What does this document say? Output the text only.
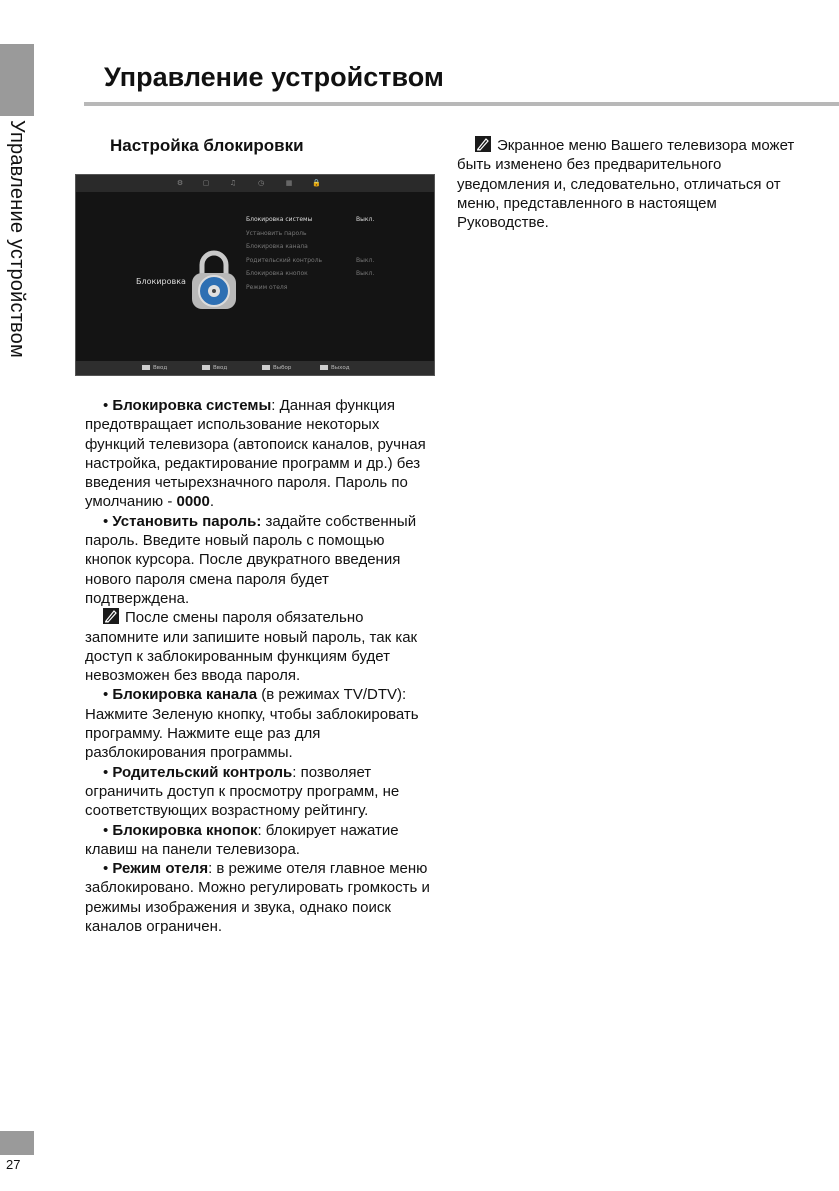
Управление устройством
Управление устройством
Настройка блокировки
⚙	▢	♫	◷	▦	🔒
Блокировка
Блокировка системы	Выкл.
Установить пароль
Блокировка канала
Родительский контроль	Выкл.
Блокировка кнопок	Выкл.
Режим отеля
Ввод	Ввод	Выбор	Выход

• Блокировка системы: Данная функция предотвращает использование некоторых функций телевизора (автопоиск каналов, ручная настройка, редактирование программ и др.) без введения четырехзначного пароля. Пароль по умолчанию - 0000.

• Установить пароль: задайте собственный пароль. Введите новый пароль с помощью кнопок курсора. После двукратного введения нового пароля смена пароля будет подтверждена.

После смены пароля обязательно запомните или запишите новый пароль, так как доступ к заблокированным функциям будет невозможен без ввода пароля.

• Блокировка канала (в режимах TV/DTV): Нажмите Зеленую кнопку, чтобы заблокировать программу. Нажмите еще раз для разблокирования программы.

• Родительский контроль: позволяет ограничить доступ к просмотру программ, не соответствующих возрастному рейтингу.

• Блокировка кнопок: блокирует нажатие клавиш на панели телевизора.

• Режим отеля: в режиме отеля главное меню заблокировано. Можно регулировать громкость и режимы изображения и звука, однако поиск каналов ограничен.

Экранное меню Вашего телевизора может быть изменено без предварительного уведомления и, следовательно, отличаться от меню, представленного в настоящем Руководстве.

27
